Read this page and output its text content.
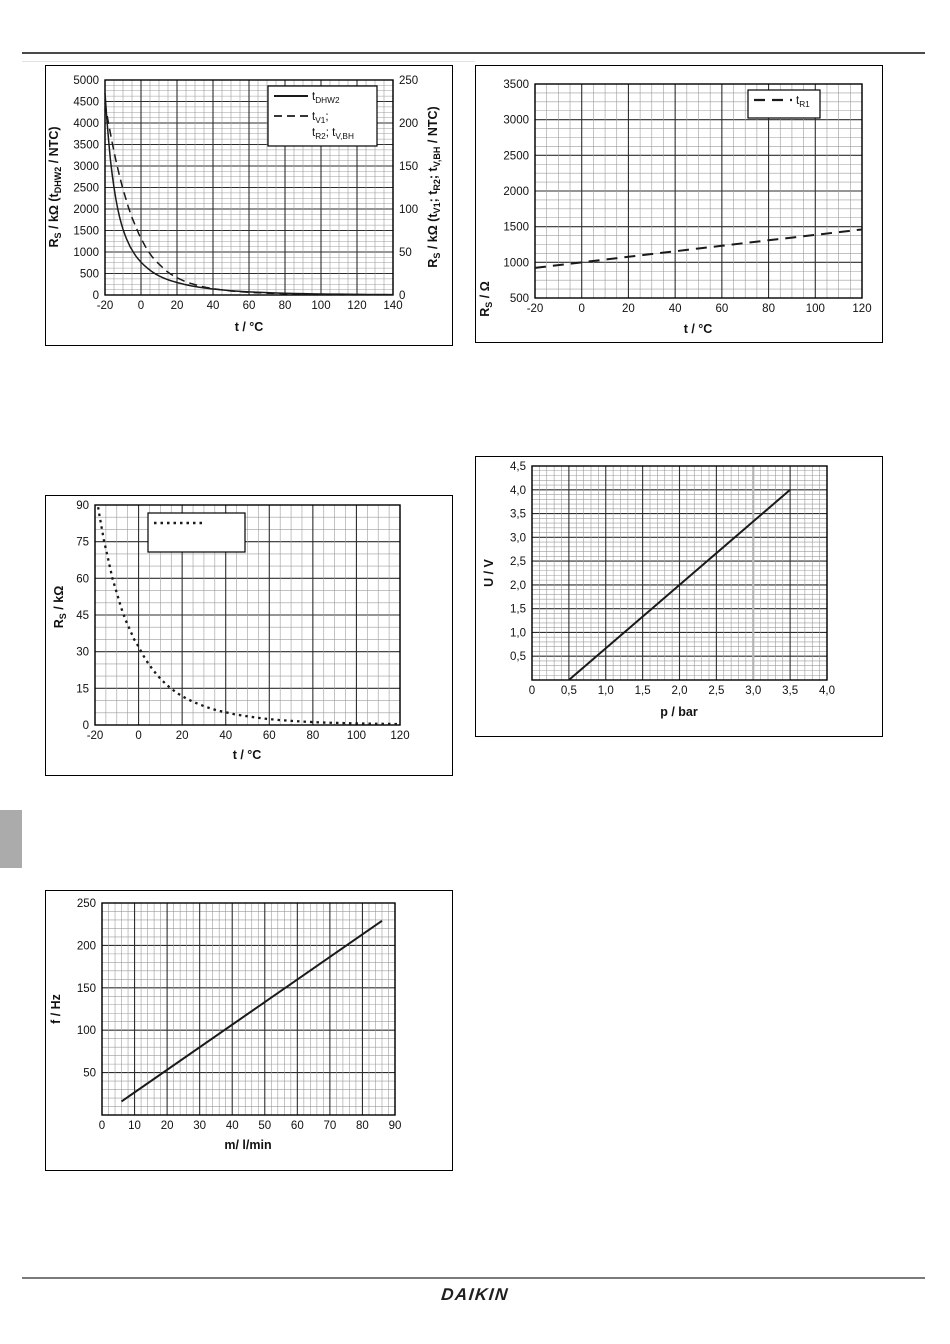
-20 0 20 40 60 80 100 120 140
0
500
1000
1500
2000
2500
3000
3500
4000
4500
5000
0
50
100
150
200
250
t / °C
RS / kΩ (tDHW2 / NTC)
RS / kΩ (tV1; tR2; tV,BH / NTC)
tDHW2
tV1;
tR2; tV,BH
-20	0	20	40	60	80	100 120
500
1000
1500
2000
2500
3000
3500
t / °C
RS / Ω
tR1
-20	0	20	40	60	80 100 120
0
15
30
45
60
75
90
t / °C
RS / kΩ
0 0,5 1,0 1,5 2,0 2,5 3,0 3,5 4,0
0,5
1,0
1,5
2,0
2,5
3,0
3,5
4,0
4,5
p / bar
U / V
0 10 20 30 40 50 60 70 80 90
50
100
150
200
250
m/ l/min
f / Hz
DAIKIN
